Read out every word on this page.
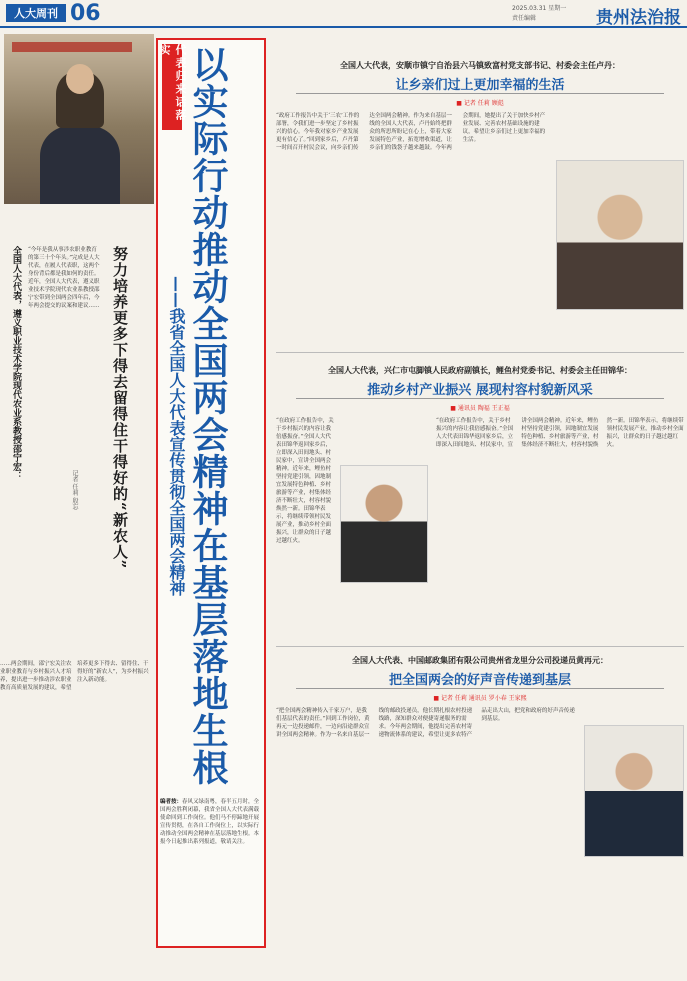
人大周刊 06	2025.03.31 星期一
责任编辑	贵州法治报
努力培养更多下得去留得住干得好的“新农人”
全国人大代表，遵义职业技术学院现代农业系教授邵宁宏：
记者 任莉 殷忘
“今年是我从事涉农职业教育的第三十个年头。”完成是人大代表，在履人代表职，这两个身份背后都是我如何的责任。近年，全国人大代表，遵义职业技术学院现代农业系教授邵宁宏带到全国两会四年后，今年两会提交的议案和建议……
……两会期间，邵宁宏关注农业职业教育与乡村振兴人才培养，提出进一步推动涉农职业教育高质量发展的建议，希望培养更多下得去、留得住、干得好的“新农人”，为乡村振兴注入新动能。
代表归来话落实 以实际行动推动全国两会精神在基层落地生根
——我省全国人大代表宣传贯彻全国两会精神
编者按：春风又绿南粤，春半五月时，全国两会胜利闭幕，我省全国人大代表满载使命回到工作岗位。他们马不停蹄地开展宣传贯彻，在各自工作岗位上，以实际行动推动全国两会精神在基层落地生根。本报今日起推出系列报道，敬请关注。
全国人大代表，安顺市镇宁自治县六马镇致富村党支部书记、村委会主任卢丹：
让乡亲们过上更加幸福的生活
■ 记者 任莉 顾彪
“政府工作报告中关于‘三农’工作的部署，令我们进一步坚定了乡村振兴的信心。今年我对家乡产业发展更有信心了。”回到家乡后，卢丹第一时间召开村民会议，向乡亲们传达全国两会精神。作为来自基层一线的全国人大代表，卢丹始终把群众的所思所盼记在心上，带着大家发展特色产业，拓宽增收渠道，让乡亲们的钱袋子越来越鼓。今年两会期间，她提出了关于加快乡村产业发展、完善农村基础设施的建议，希望让乡亲们过上更加幸福的生活。
全国人大代表，兴仁市屯脚镇人民政府副镇长，鲤鱼村党委书记、村委会主任田锦华：
推动乡村产业振兴 展现村容村貌新风采
■ 通讯员 陶福 王正福
“在政府工作报告中，关于乡村振兴的内容让我倍感振奋。”全国人大代表田锦华返回家乡后，立即深入田间地头、村民家中，宣讲全国两会精神。近年来，鲤鱼村坚持党建引领，因地制宜发展特色种植、乡村旅游等产业，村集体经济不断壮大，村容村貌焕然一新。田锦华表示，将继续带领村民发展产业，推动乡村全面振兴，让群众的日子越过越红火。
“在政府工作报告中，关于乡村振兴的内容让我倍感振奋。”全国人大代表田锦华返回家乡后，立即深入田间地头、村民家中，宣讲全国两会精神。近年来，鲤鱼村坚持党建引领，因地制宜发展特色种植、乡村旅游等产业，村集体经济不断壮大，村容村貌焕然一新。田锦华表示，将继续带领村民发展产业，推动乡村全面振兴，让群众的日子越过越红火。
全国人大代表、中国邮政集团有限公司贵州省龙里分公司投递员黄再元：
把全国两会的好声音传递到基层
■ 记者 任莉 通讯员 罗小春 王家熙
“把全国两会精神传入千家万户，是我们基层代表的责任。”回到工作岗位，黄再元一边投递邮件，一边向沿途群众宣讲全国两会精神。作为一名来自基层一线的邮政投递员，他长期扎根农村投递线路，深知群众对便捷寄递服务的需求。今年两会期间，他提出完善农村寄递物流体系的建议，希望让更多农特产品走出大山，把党和政府的好声音传递到基层。
